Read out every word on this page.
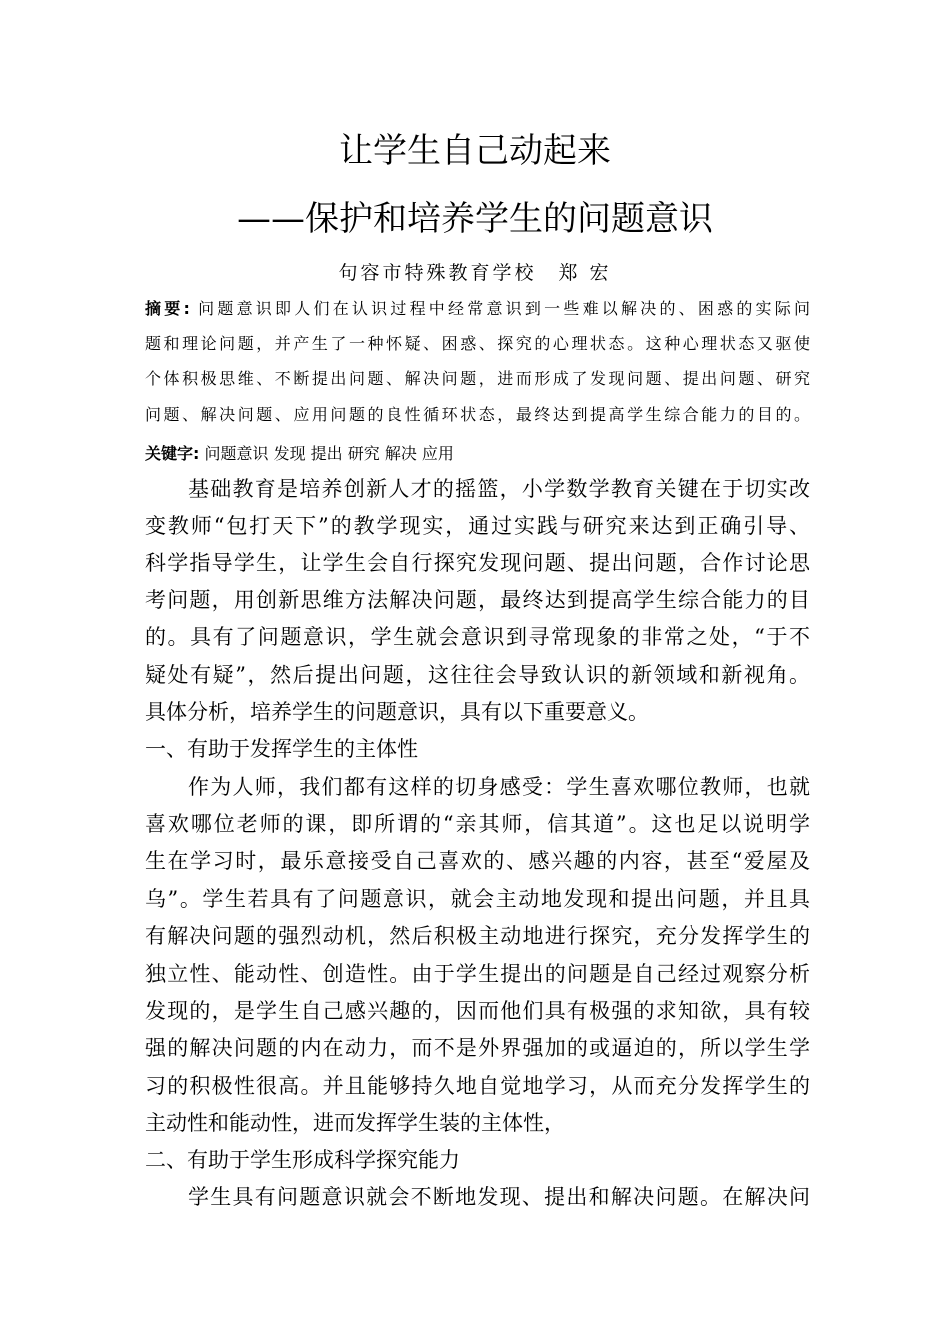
让学生自己动起来
——保护和培养学生的问题意识
句容市特殊教育学校　郑 宏
摘要: 问题意识即人们在认识过程中经常意识到一些难以解决的、困惑的实际问
题和理论问题，并产生了一种怀疑、困惑、探究的心理状态。这种心理状态又驱使
个体积极思维、不断提出问题、解决问题，进而形成了发现问题、提出问题、研究
问题、解决问题、应用问题的良性循环状态，最终达到提高学生综合能力的目的。
关键字: 问题意识 发现 提出 研究 解决 应用
基础教育是培养创新人才的摇篮，小学数学教育关键在于切实改
变教师“包打天下”的教学现实，通过实践与研究来达到正确引导、
科学指导学生，让学生会自行探究发现问题、提出问题，合作讨论思
考问题，用创新思维方法解决问题，最终达到提高学生综合能力的目
的。具有了问题意识，学生就会意识到寻常现象的非常之处，“于不
疑处有疑”，然后提出问题，这往往会导致认识的新领域和新视角。
具体分析，培养学生的问题意识，具有以下重要意义。
一、有助于发挥学生的主体性
作为人师，我们都有这样的切身感受：学生喜欢哪位教师，也就
喜欢哪位老师的课，即所谓的“亲其师，信其道”。这也足以说明学
生在学习时，最乐意接受自己喜欢的、感兴趣的内容，甚至“爱屋及
乌”。学生若具有了问题意识，就会主动地发现和提出问题，并且具
有解决问题的强烈动机，然后积极主动地进行探究，充分发挥学生的
独立性、能动性、创造性。由于学生提出的问题是自己经过观察分析
发现的，是学生自己感兴趣的，因而他们具有极强的求知欲，具有较
强的解决问题的内在动力，而不是外界强加的或逼迫的，所以学生学
习的积极性很高。并且能够持久地自觉地学习，从而充分发挥学生的
主动性和能动性，进而发挥学生装的主体性，
二、有助于学生形成科学探究能力
学生具有问题意识就会不断地发现、提出和解决问题。在解决问
